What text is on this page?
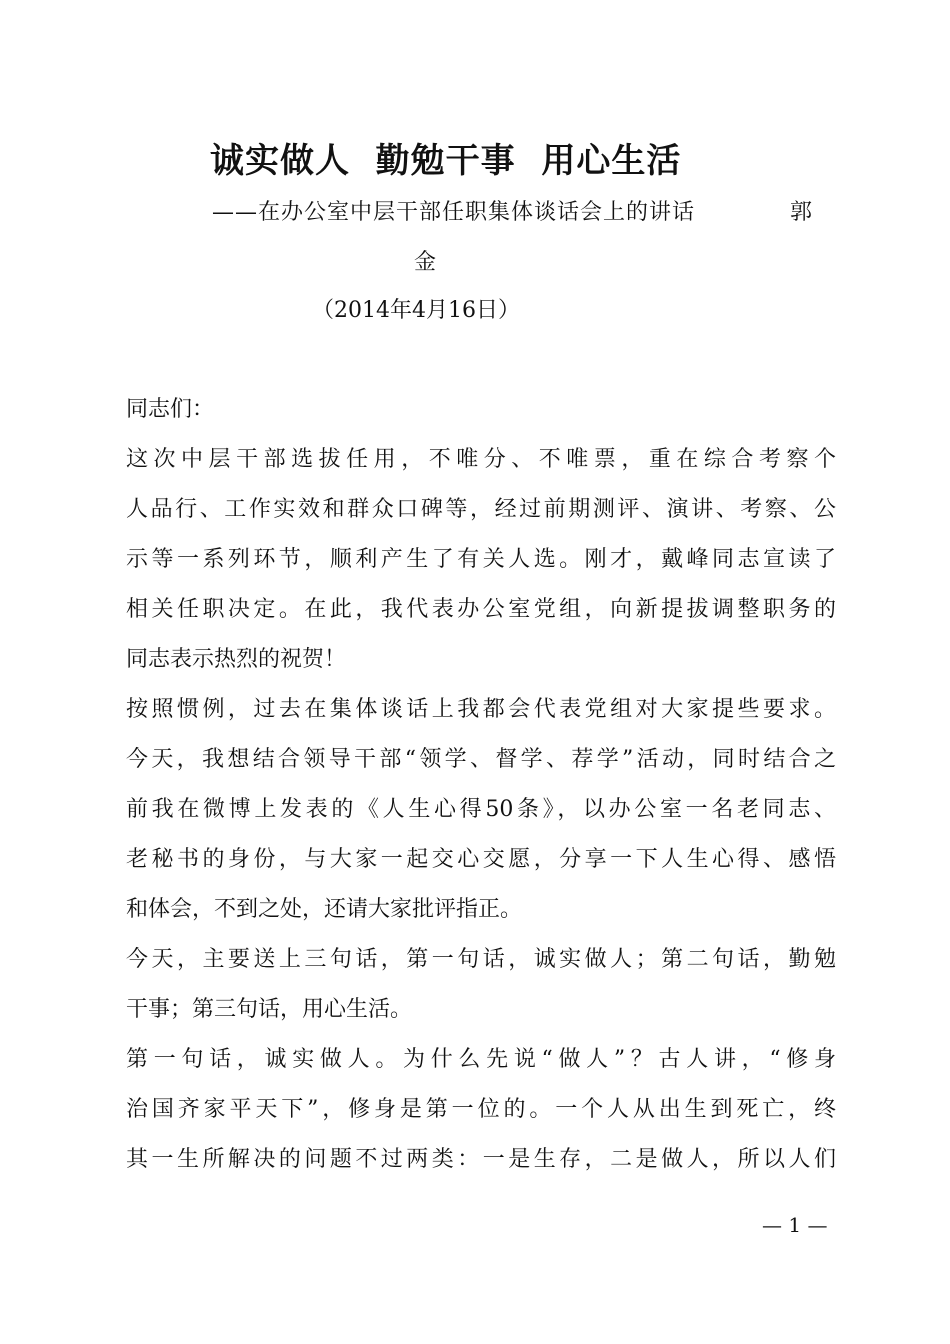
诚实做人  勤勉干事  用心生活
——在办公室中层干部任职集体谈话会上的讲话	郭
金
（2014年4月16日）
同志们：
这次中层干部选拔任用，不唯分、不唯票，重在综合考察个
人品行、工作实效和群众口碑等，经过前期测评、演讲、考察、公
示等一系列环节，顺利产生了有关人选。刚才，戴峰同志宣读了
相关任职决定。在此，我代表办公室党组，向新提拔调整职务的
同志表示热烈的祝贺！
按照惯例，过去在集体谈话上我都会代表党组对大家提些要求。
今天，我想结合领导干部“领学、督学、荐学”活动，同时结合之
前我在微博上发表的《人生心得50条》，以办公室一名老同志、
老秘书的身份，与大家一起交心交愿，分享一下人生心得、感悟
和体会，不到之处，还请大家批评指正。
今天，主要送上三句话，第一句话，诚实做人；第二句话，勤勉
干事；第三句话，用心生活。
第一句话，诚实做人。为什么先说“做人”？古人讲，“修身
治国齐家平天下”，修身是第一位的。一个人从出生到死亡，终
其一生所解决的问题不过两类：一是生存，二是做人，所以人们
— 1 —
